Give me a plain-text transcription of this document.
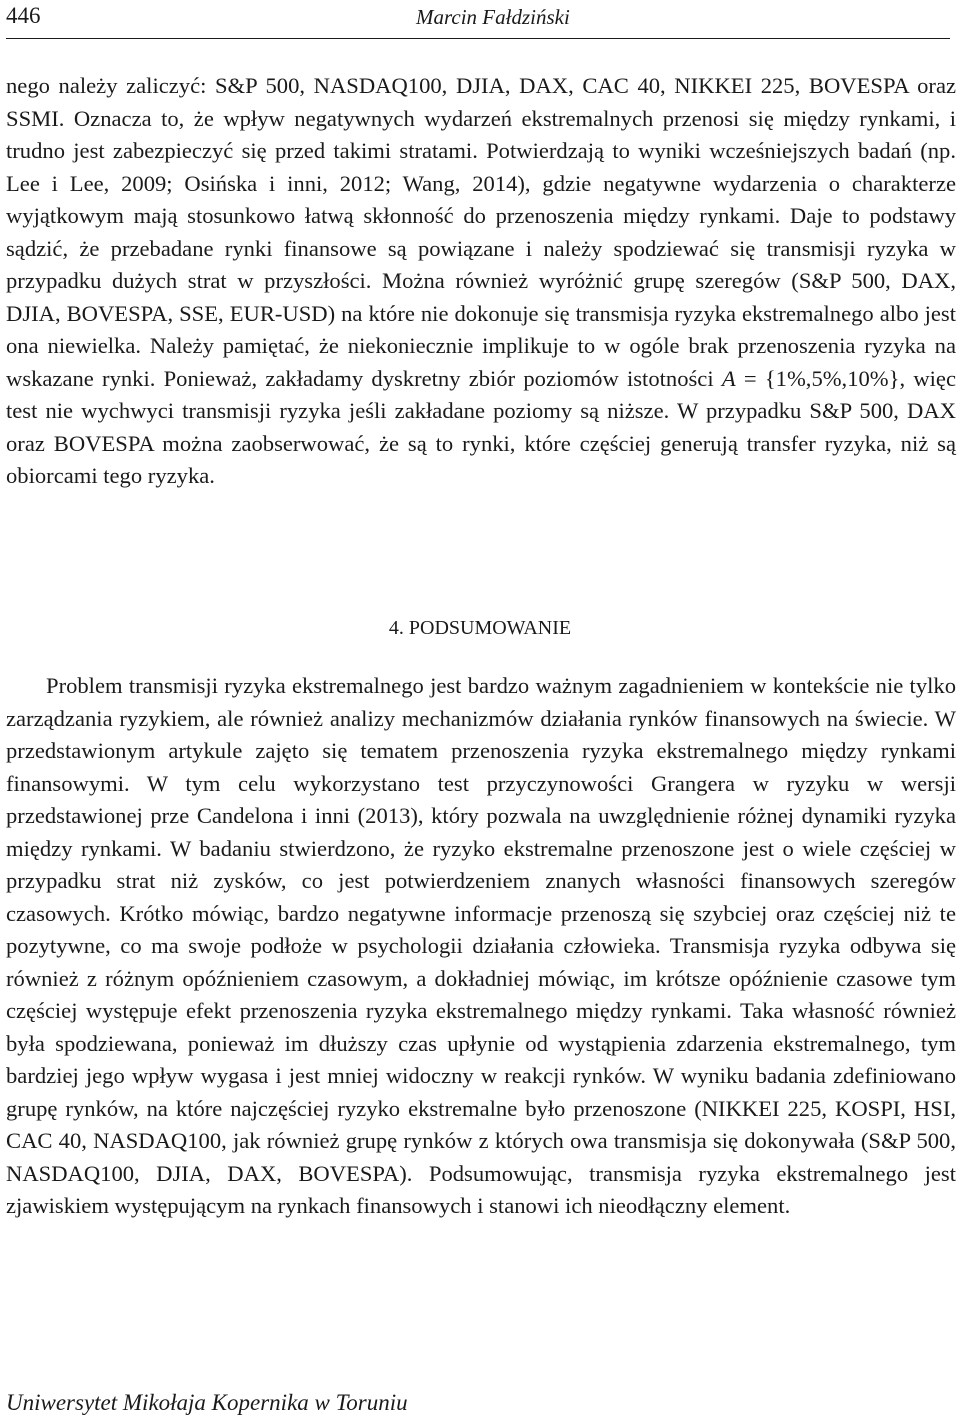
446	Marcin Fałdziński

nego należy zaliczyć: S&P 500, NASDAQ100, DJIA, DAX, CAC 40, NIKKEI 225, BOVESPA oraz SSMI. Oznacza to, że wpływ negatywnych wydarzeń ekstremalnych przenosi się między rynkami, i trudno jest zabezpieczyć się przed takimi stratami. Potwierdzają to wyniki wcześniejszych badań (np. Lee i Lee, 2009; Osińska i inni, 2012; Wang, 2014), gdzie negatywne wydarzenia o charakterze wyjątkowym mają stosunkowo łatwą skłonność do przenoszenia między rynkami. Daje to podstawy sądzić, że przebadane rynki finansowe są powiązane i należy spodziewać się transmisji ryzyka w przypadku dużych strat w przyszłości. Można również wyróżnić grupę szeregów (S&P 500, DAX, DJIA, BOVESPA, SSE, EUR-USD) na które nie dokonuje się transmisja ryzyka ekstremalnego albo jest ona niewielka. Należy pamiętać, że niekoniecznie implikuje to w ogóle brak przenoszenia ryzyka na wskazane rynki. Ponieważ, zakładamy dyskretny zbiór poziomów istotności A = {1%,5%,10%}, więc test nie wychwyci transmisji ryzyka jeśli zakładane poziomy są niższe. W przypadku S&P 500, DAX oraz BOVESPA można zaobserwować, że są to rynki, które częściej generują transfer ryzyka, niż są obiorcami tego ryzyka.

4. PODSUMOWANIE

Problem transmisji ryzyka ekstremalnego jest bardzo ważnym zagadnieniem w kontekście nie tylko zarządzania ryzykiem, ale również analizy mechanizmów działania rynków finansowych na świecie. W przedstawionym artykule zajęto się tematem przenoszenia ryzyka ekstremalnego między rynkami finansowymi. W tym celu wykorzystano test przyczynowości Grangera w ryzyku w wersji przedstawionej prze Candelona i inni (2013), który pozwala na uwzględnienie różnej dynamiki ryzyka między rynkami. W badaniu stwierdzono, że ryzyko ekstremalne przenoszone jest o wiele częściej w przypadku strat niż zysków, co jest potwierdzeniem znanych własności finansowych szeregów czasowych. Krótko mówiąc, bardzo negatywne informacje przenoszą się szybciej oraz częściej niż te pozytywne, co ma swoje podłoże w psychologii działania człowieka. Transmisja ryzyka odbywa się również z różnym opóźnieniem czasowym, a dokładniej mówiąc, im krótsze opóźnienie czasowe tym częściej występuje efekt przenoszenia ryzyka ekstremalnego między rynkami. Taka własność również była spodziewana, ponieważ im dłuższy czas upłynie od wystąpienia zdarzenia ekstremalnego, tym bardziej jego wpływ wygasa i jest mniej widoczny w reakcji rynków. W wyniku badania zdefiniowano grupę rynków, na które najczęściej ryzyko ekstremalne było przenoszone (NIKKEI 225, KOSPI, HSI, CAC 40, NASDAQ100, jak również grupę rynków z których owa transmisja się dokonywała (S&P 500, NASDAQ100, DJIA, DAX, BOVESPA). Podsumowując, transmisja ryzyka ekstremalnego jest zjawiskiem występującym na rynkach finansowych i stanowi ich nieodłączny element.

Uniwersytet Mikołaja Kopernika w Toruniu
